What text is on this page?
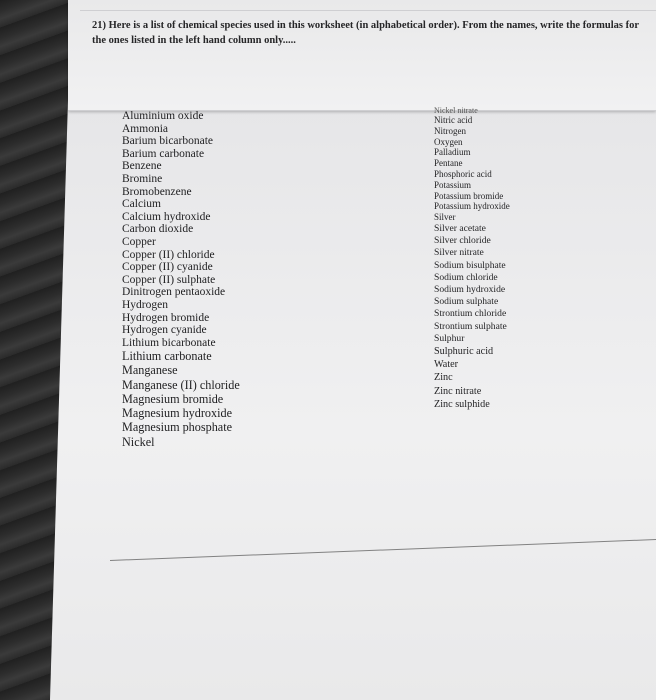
21) Here is a list of chemical species used in this worksheet (in alphabetical order). From the names, write the formulas for the ones listed in the left hand column only.....
Aluminium oxide
Ammonia
Barium bicarbonate
Barium carbonate
Benzene
Bromine
Bromobenzene
Calcium
Calcium hydroxide
Carbon dioxide
Copper
Copper (II) chloride
Copper (II) cyanide
Copper (II) sulphate
Dinitrogen pentaoxide
Hydrogen
Hydrogen bromide
Hydrogen cyanide
Lithium bicarbonate
Lithium carbonate
Manganese
Manganese (II) chloride
Magnesium bromide
Magnesium hydroxide
Magnesium phosphate
Nickel
Nickel nitrate
Nitric acid
Nitrogen
Oxygen
Palladium
Pentane
Phosphoric acid
Potassium
Potassium bromide
Potassium hydroxide
Silver
Silver acetate
Silver chloride
Silver nitrate
Sodium bisulphate
Sodium chloride
Sodium hydroxide
Sodium sulphate
Strontium chloride
Strontium sulphate
Sulphur
Sulphuric acid
Water
Zinc
Zinc nitrate
Zinc sulphide
